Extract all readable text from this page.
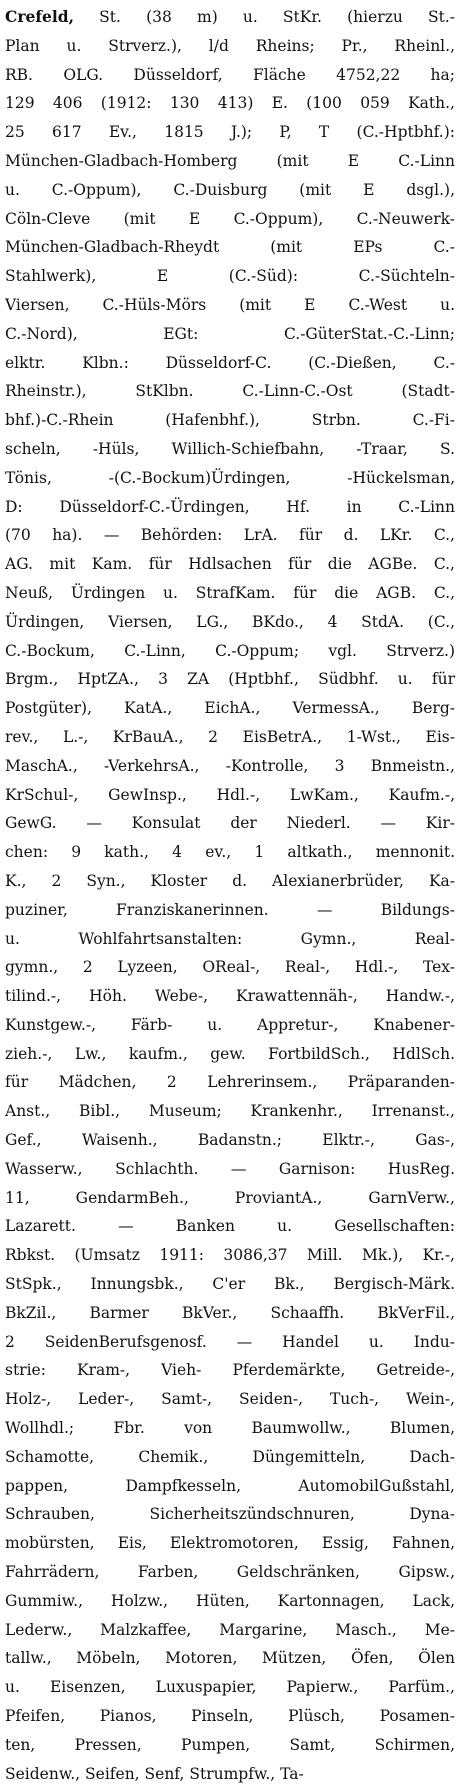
Crefeld, St. (38 m) u. StKr. (hierzu St.-
Plan u. Strverz.), l/d Rheins; Pr., Rheinl.,
RB. OLG. Düsseldorf, Fläche 4752,22 ha;
129 406 (1912: 130 413) E. (100 059 Kath.,
25 617 Ev., 1815 J.); P, T (C.-Hptbhf.):
München-Gladbach-Homberg (mit E C.-Linn
u. C.-Oppum), C.-Duisburg (mit E dsgl.),
Cöln-Cleve (mit E C.-Oppum), C.-Neuwerk-
München-Gladbach-Rheydt (mit EPs C.-
Stahlwerk), E (C.-Süd): C.-Süchteln-
Viersen, C.-Hüls-Mörs (mit E C.-West u.
C.-Nord), EGt: C.-GüterStat.-C.-Linn;
elktr. Klbn.: Düsseldorf-C. (C.-Dießen, C.-
Rheinstr.), StKlbn. C.-Linn-C.-Ost (Stadt-
bhf.)-C.-Rhein (Hafenbhf.), Strbn. C.-Fi-
scheln, -Hüls, Willich-Schiefbahn, -Traar, S.
Tönis, -(C.-Bockum)Ürdingen, -Hückelsman,
D: Düsseldorf-C.-Ürdingen, Hf. in C.-Linn
(70 ha). — Behörden: LrA. für d. LKr. C.,
AG. mit Kam. für Hdlsachen für die AGBe. C.,
Neuß, Ürdingen u. StrafKam. für die AGB. C.,
Ürdingen, Viersen, LG., BKdo., 4 StdA. (C.,
C.-Bockum, C.-Linn, C.-Oppum; vgl. Strverz.)
Brgm., HptZA., 3 ZA (Hptbhf., Südbhf. u. für
Postgüter), KatA., EichA., VermessA., Berg-
rev., L.-, KrBauA., 2 EisBetrA., 1-Wst., Eis-
MaschA., -VerkehrsA., -Kontrolle, 3 Bnmeistn.,
KrSchul-, GewInsp., Hdl.-, LwKam., Kaufm.-,
GewG. — Konsulat der Niederl. — Kir-
chen: 9 kath., 4 ev., 1 altkath., mennonit.
K., 2 Syn., Kloster d. Alexianerbrüder, Ka-
puziner, Franziskanerinnen. — Bildungs-
u. Wohlfahrtsanstalten: Gymn., Real-
gymn., 2 Lyzeen, OReal-, Real-, Hdl.-, Tex-
tilind.-, Höh. Webe-, Krawattennäh-, Handw.-,
Kunstgew.-, Färb- u. Appretur-, Knabener-
zieh.-, Lw., kaufm., gew. FortbildSch., HdlSch.
für Mädchen, 2 Lehrerinsem., Präparanden-
Anst., Bibl., Museum; Krankenhr., Irrenanst.,
Gef., Waisenh., Badanstn.; Elktr.-, Gas-,
Wasserw., Schlachth. — Garnison: HusReg.
11, GendarmBeh., ProviantA., GarnVerw.,
Lazarett. — Banken u. Gesellschaften:
Rbkst. (Umsatz 1911: 3086,37 Mill. Mk.), Kr.-,
StSpk., Innungsbk., C'er Bk., Bergisch-Märk.
BkZil., Barmer BkVer., Schaaffh. BkVerFil.,
2 SeidenBerufsgenosf. — Handel u. Indu-
strie: Kram-, Vieh- Pferdemärkte, Getreide-,
Holz-, Leder-, Samt-, Seiden-, Tuch-, Wein-,
Wollhdl.; Fbr. von Baumwollw., Blumen,
Schamotte, Chemik., Düngemitteln, Dach-
pappen, Dampfkesseln, AutomobilGußstahl,
Schrauben, Sicherheitszündschnuren, Dyna-
mobürsten, Eis, Elektromotoren, Essig, Fahnen,
Fahrrädern, Farben, Geldschränken, Gipsw.,
Gummiw., Holzw., Hüten, Kartonnagen, Lack,
Lederw., Malzkaffee, Margarine, Masch., Me-
tallw., Möbeln, Motoren, Mützen, Öfen, Ölen
u. Eisenzen, Luxuspapier, Papierw., Parfüm.,
Pfeifen, Pianos, Pinseln, Plüsch, Posamen-
ten, Pressen, Pumpen, Samt, Schirmen,
Seidenw., Seifen, Senf, Strumpfw., Ta-
